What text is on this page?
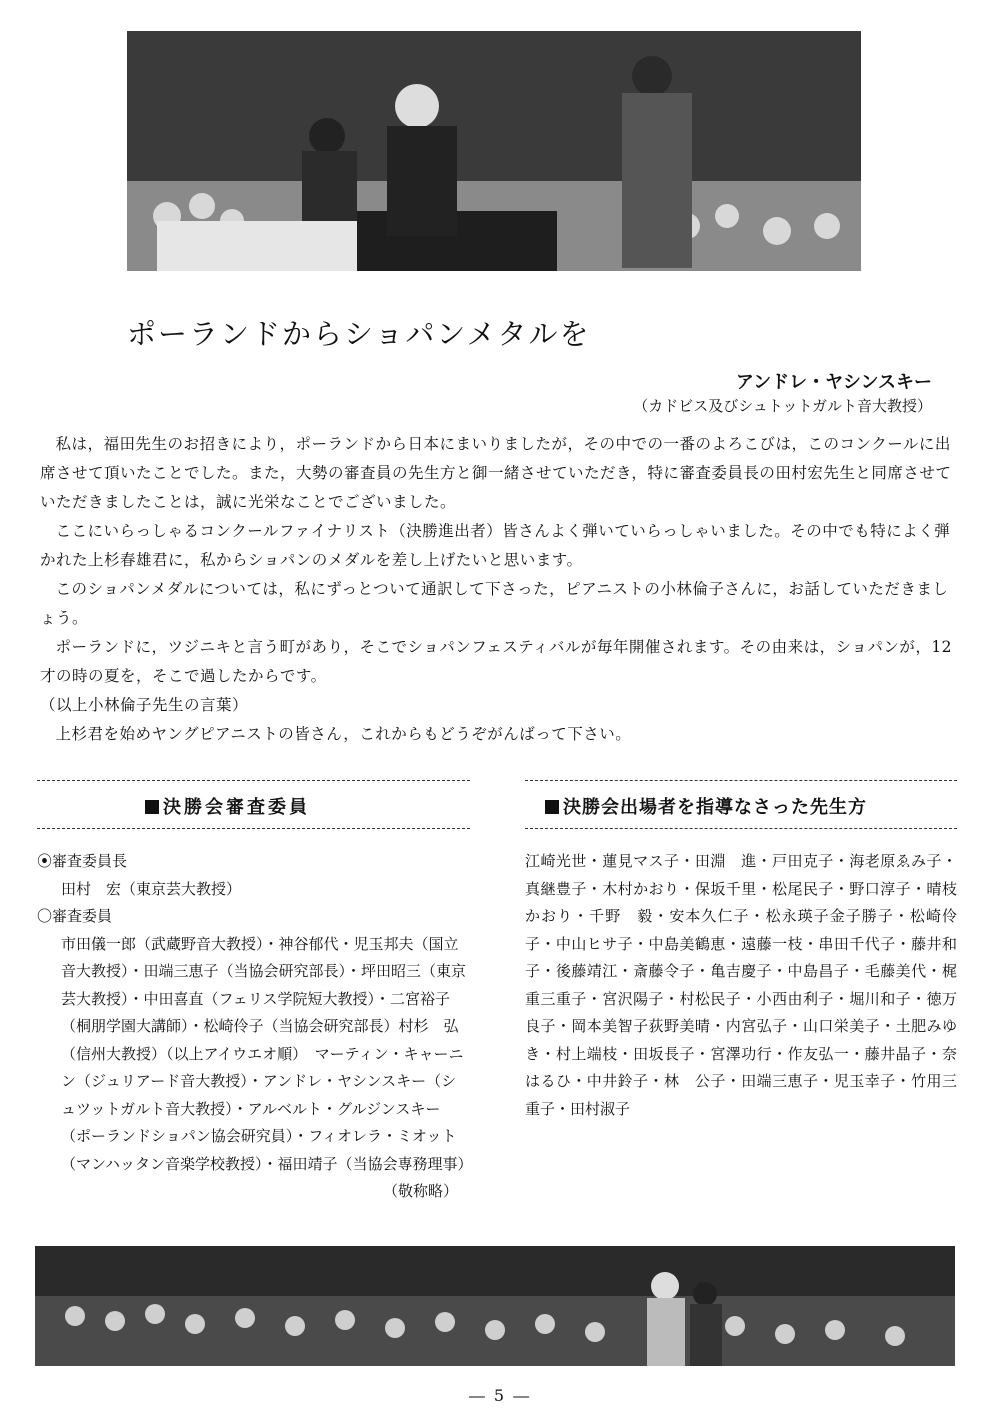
ポーランドからショパンメタルを
アンドレ・ヤシンスキー
（カドビス及びシュトットガルト音大教授）

私は，福田先生のお招きにより，ポーランドから日本にまいりましたが，その中での一番のよろこびは，このコンクールに出席させて頂いたことでした。また，大勢の審査員の先生方と御一緒させていただき，特に審査委員長の田村宏先生と同席させていただきましたことは，誠に光栄なことでございました。

ここにいらっしゃるコンクールファイナリスト（決勝進出者）皆さんよく弾いていらっしゃいました。その中でも特によく弾かれた上杉春雄君に，私からショパンのメダルを差し上げたいと思います。

このショパンメダルについては，私にずっとついて通訳して下さった，ピアニストの小林倫子さんに，お話していただきましょう。

ポーランドに，ツジニキと言う町があり，そこでショパンフェスティバルが毎年開催されます。その由来は，ショパンが，12才の時の夏を，そこで過したからです。

（以上小林倫子先生の言葉）

上杉君を始めヤングピアニストの皆さん，これからもどうぞがんばって下さい。

決勝会審査委員	決勝会出場者を指導なさった先生方
⦿審査委員長
田村　宏（東京芸大教授）
〇審査委員
市田儀一郎（武蔵野音大教授）・神谷郁代・児玉邦夫（国立音大教授）・田端三恵子（当協会研究部長）・坪田昭三（東京芸大教授）・中田喜直（フェリス学院短大教授）・二宮裕子（桐朋学園大講師）・松崎伶子（当協会研究部長）村杉　弘（信州大教授）（以上アイウエオ順）　マーティン・キャーニン（ジュリアード音大教授）・アンドレ・ヤシンスキー（シュツットガルト音大教授）・アルベルト・グルジンスキー（ポーランドショパン協会研究員）・フィオレラ・ミオット（マンハッタン音楽学校教授）・福田靖子（当協会専務理事）
（敬称略）
江崎光世・蓮見マス子・田淵　進・戸田克子・海老原ゑみ子・真継豊子・木村かおり・保坂千里・松尾民子・野口淳子・晴枝かおり・千野　毅・安本久仁子・松永瑛子金子勝子・松崎伶子・中山ヒサ子・中島美鶴恵・遠藤一枝・串田千代子・藤井和子・後藤靖江・斎藤令子・亀吉慶子・中島昌子・毛藤美代・梶重三重子・宮沢陽子・村松民子・小西由利子・堀川和子・徳万良子・岡本美智子荻野美晴・内宮弘子・山口栄美子・土肥みゆき・村上端枝・田坂長子・宮澤功行・作友弘一・藤井晶子・奈はるひ・中井鈴子・林　公子・田端三恵子・児玉幸子・竹用三重子・田村淑子
― 5 ―
